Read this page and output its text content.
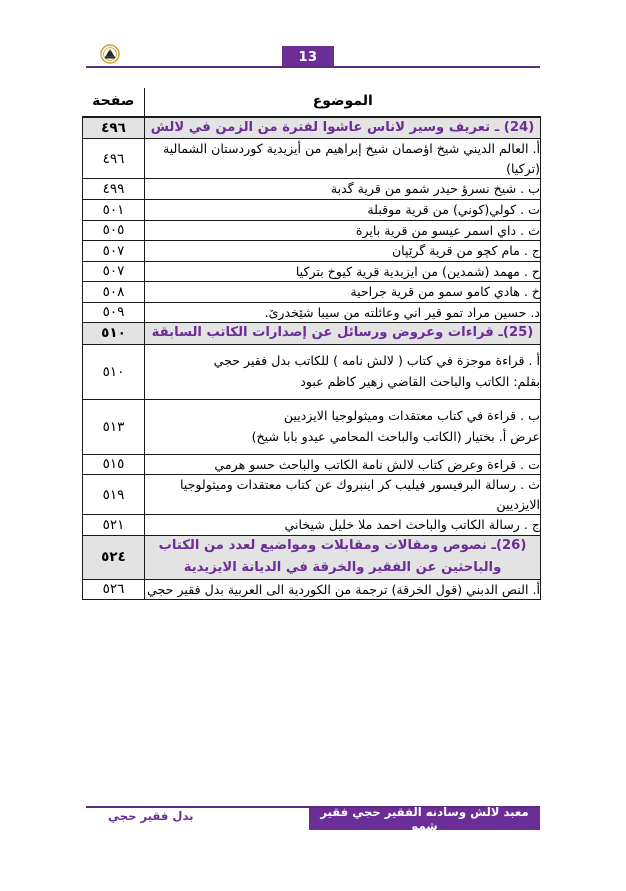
13
الموضوع	صفحة

(24) ـ تعريف وسير لاناس عاشوا لفترة من الزمن في لالش	٤٩٦

أ. العالم الديني شيخ اؤصمان شيخ إبراهيم من أيزيدية كوردستان الشمالية (تركيا)	٤٩٦

ب . شيخ نسرؤ حيدر شمو من قرية گدبة	٤٩٩

ت . كولي(كوني) من قرية موقبلة	٥٠١

ث . داي اسمر عيسو من قرية بايرة	٥٠٥

ج . مام كچو من قرية گرێپان	٥٠٧

ح . مهمد (شمدين) من ايزيدية قرية كيوخ بتركيا	٥٠٧

خ . هادي كامو سمو من قرية جراحية	٥٠٨

د. حسين مراد تمو قير اني وعائلته من سيبا شێخدرێ.	٥٠٩

(25)ـ قراءات وعروض ورسائل عن إصدارات الكاتب السابقة	٥١٠

أ . قراءة موجزة في كتاب ( لالش نامه ) للكاتب بدل فقير حجي
بقلم: الكاتب والباحث القاضي زهير كاظم عبود	٥١٠

ب . قراءة في كتاب معتقدات وميثولوجيا الايزديين
عرض أ. بختيار (الكاتب والباحث المحامي عيدو بابا شيخ)	٥١٣

ت . قراءة وعرض كتاب لالش نامة الكاتب والباحث حسو هرمي	٥١٥

ث . رسالة البرفيسور فيليب كر اينبروك عن كتاب معتقدات وميثولوجيا الايزديين	٥١٩

ج . رسالة الكاتب والباحث احمد ملا خليل شيخاني	٥٢١

(26)ـ نصوص ومقالات ومقابلات ومواضيع لعدد من الكتاب
والباحثين عن الفقير والخرقة في الديانة الايزيدية	٥٢٤

أ. النص الدبني (قول الخرقة) ترجمة من الكوردية الى العربية بدل فقير حجي	٥٢٦
معبد لالش وسادنه الفقير حجي فقير شمو
بدل فقير حجي
